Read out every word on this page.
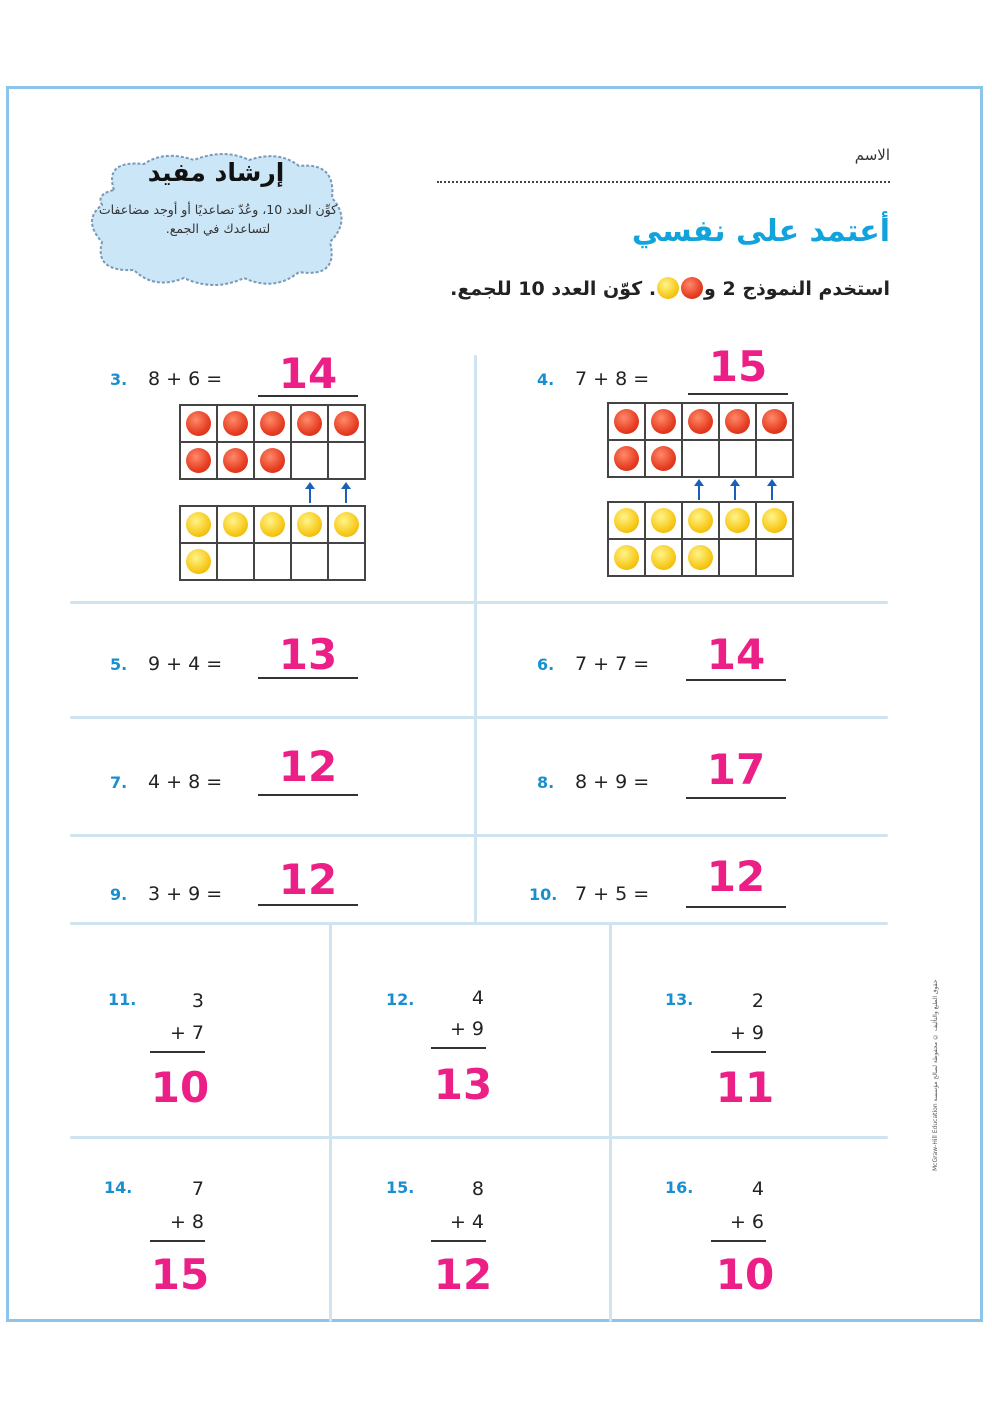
الاسم
إرشاد مفيد
كوِّن العدد 10، وعُدّ تصاعديًا أو أوجد مضاعفات لتساعدك في الجمع.	أعتمد على نفسي
استخدم النموذج 2 و. كوّن العدد 10 للجمع.
3. 8 + 6 =	14	4. 7 + 8 =	15
5. 9 + 4 =	13	6. 7 + 7 =	14
7. 4 + 8 =	12	8. 8 + 9 =	17
9. 3 + 9 =	12	10. 7 + 5 =	12
11.	3
+ 7
10
12.	4
+ 9
13
13.	2
+ 9
11
14.	7
+ 8
15
15.	8
+ 4
12
16.	4
+ 6
10
حقوق الطبع والتأليف © محفوظة لصالح مؤسسة McGraw-Hill Education
